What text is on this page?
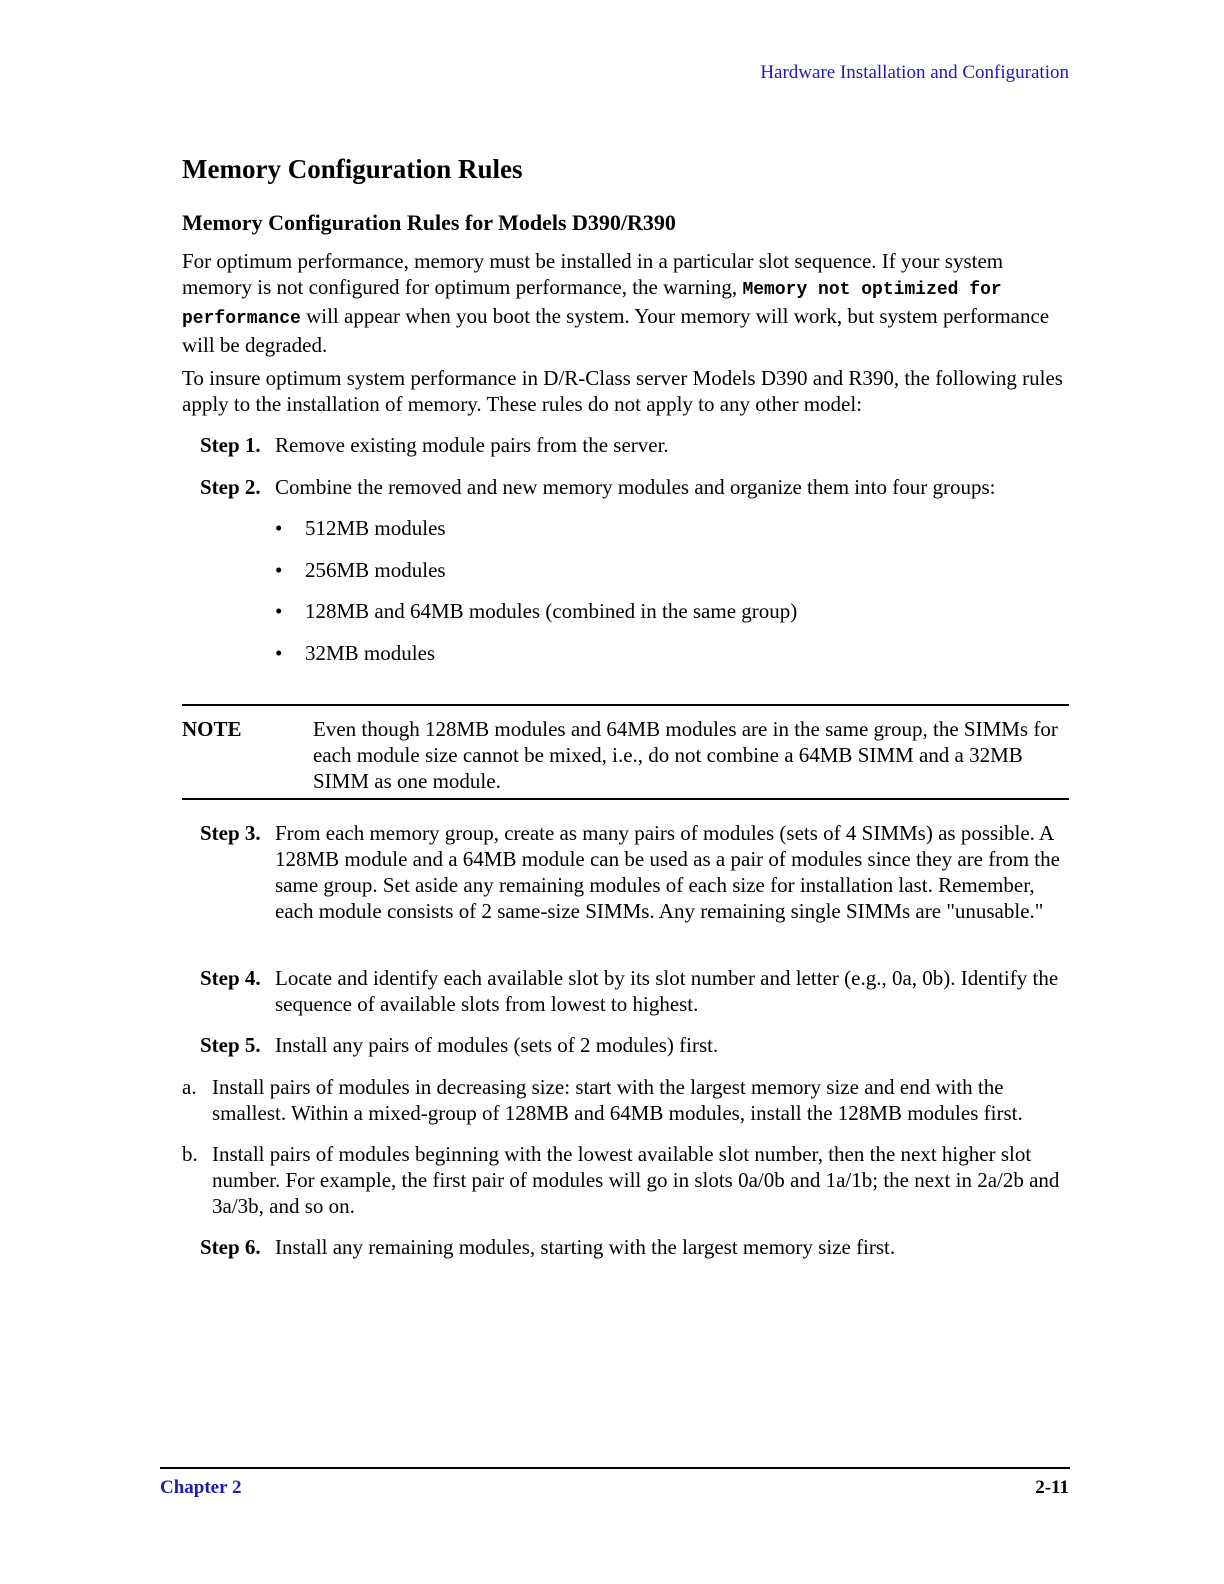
Hardware Installation and Configuration
Memory Configuration Rules
Memory Configuration Rules for Models D390/R390

For optimum performance, memory must be installed in a particular slot sequence. If your system memory is not configured for optimum performance, the warning, Memory not optimized for performance will appear when you boot the system. Your memory will work, but system performance will be degraded.

To insure optimum system performance in D/R-Class server Models D390 and R390, the following rules apply to the installation of memory. These rules do not apply to any other model:

Step 1. Remove existing module pairs from the server.
Step 2. Combine the removed and new memory modules and organize them into four groups:
• 512MB modules
• 256MB modules
• 128MB and 64MB modules (combined in the same group)
• 32MB modules
NOTE	Even though 128MB modules and 64MB modules are in the same group, the SIMMs for each module size cannot be mixed, i.e., do not combine a 64MB SIMM and a 32MB SIMM as one module.

Step 3. From each memory group, create as many pairs of modules (sets of 4 SIMMs) as possible. A 128MB module and a 64MB module can be used as a pair of modules since they are from the same group. Set aside any remaining modules of each size for installation last. Remember, each module consists of 2 same-size SIMMs. Any remaining single SIMMs are "unusable."
Step 4. Locate and identify each available slot by its slot number and letter (e.g., 0a, 0b). Identify the sequence of available slots from lowest to highest.
Step 5. Install any pairs of modules (sets of 2 modules) first.
a. Install pairs of modules in decreasing size: start with the largest memory size and end with the smallest. Within a mixed-group of 128MB and 64MB modules, install the 128MB modules first.
b. Install pairs of modules beginning with the lowest available slot number, then the next higher slot number. For example, the first pair of modules will go in slots 0a/0b and 1a/1b; the next in 2a/2b and 3a/3b, and so on.
Step 6. Install any remaining modules, starting with the largest memory size first.
Chapter 2	2-11
